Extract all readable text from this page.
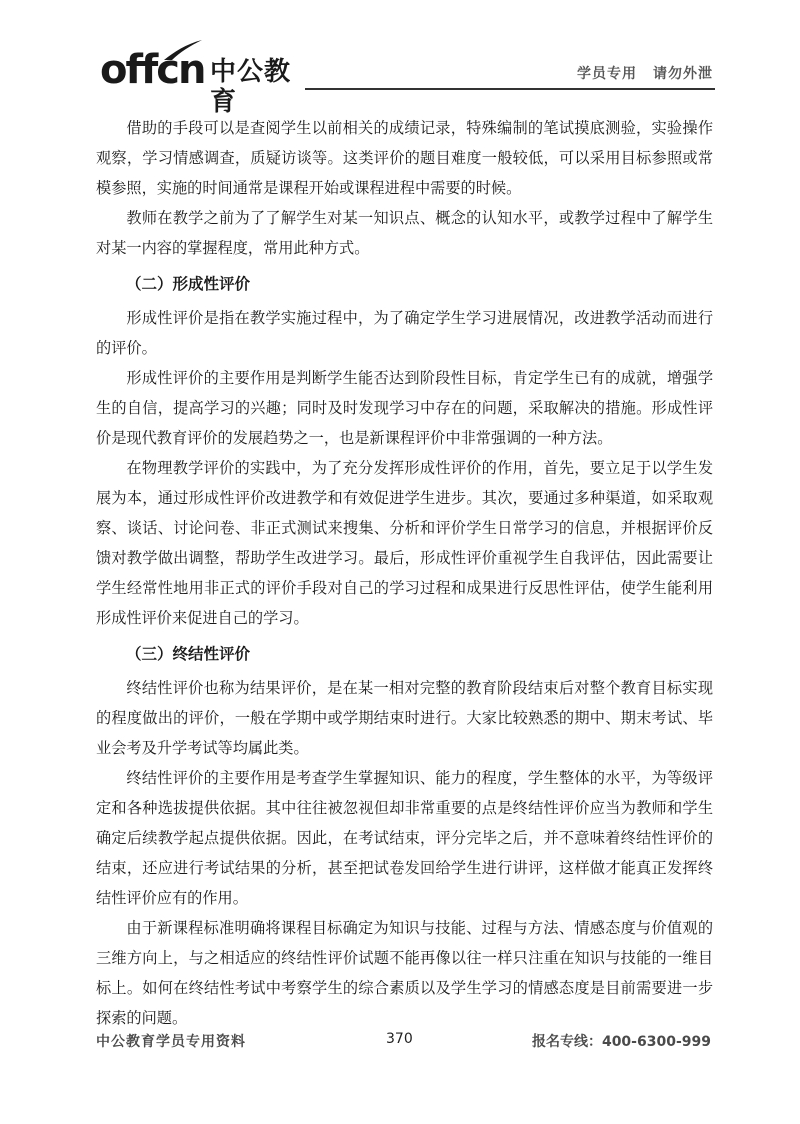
offcn 中公教育
学员专用 请勿外泄

借助的手段可以是查阅学生以前相关的成绩记录，特殊编制的笔试摸底测验，实验操作观察，学习情感调查，质疑访谈等。这类评价的题目难度一般较低，可以采用目标参照或常模参照，实施的时间通常是课程开始或课程进程中需要的时候。

教师在教学之前为了了解学生对某一知识点、概念的认知水平，或教学过程中了解学生对某一内容的掌握程度，常用此种方式。

（二）形成性评价

形成性评价是指在教学实施过程中，为了确定学生学习进展情况，改进教学活动而进行的评价。

形成性评价的主要作用是判断学生能否达到阶段性目标，肯定学生已有的成就，增强学生的自信，提高学习的兴趣；同时及时发现学习中存在的问题，采取解决的措施。形成性评价是现代教育评价的发展趋势之一，也是新课程评价中非常强调的一种方法。

在物理教学评价的实践中，为了充分发挥形成性评价的作用，首先，要立足于以学生发展为本，通过形成性评价改进教学和有效促进学生进步。其次，要通过多种渠道，如采取观察、谈话、讨论问卷、非正式测试来搜集、分析和评价学生日常学习的信息，并根据评价反馈对教学做出调整，帮助学生改进学习。最后，形成性评价重视学生自我评估，因此需要让学生经常性地用非正式的评价手段对自己的学习过程和成果进行反思性评估，使学生能利用形成性评价来促进自己的学习。

（三）终结性评价

终结性评价也称为结果评价，是在某一相对完整的教育阶段结束后对整个教育目标实现的程度做出的评价，一般在学期中或学期结束时进行。大家比较熟悉的期中、期末考试、毕业会考及升学考试等均属此类。

终结性评价的主要作用是考查学生掌握知识、能力的程度，学生整体的水平，为等级评定和各种选拔提供依据。其中往往被忽视但却非常重要的点是终结性评价应当为教师和学生确定后续教学起点提供依据。因此，在考试结束，评分完毕之后，并不意味着终结性评价的结束，还应进行考试结果的分析，甚至把试卷发回给学生进行讲评，这样做才能真正发挥终结性评价应有的作用。

由于新课程标准明确将课程目标确定为知识与技能、过程与方法、情感态度与价值观的三维方向上，与之相适应的终结性评价试题不能再像以往一样只注重在知识与技能的一维目标上。如何在终结性考试中考察学生的综合素质以及学生学习的情感态度是目前需要进一步探索的问题。

中公教育学员专用资料	370	报名专线：400-6300-999
